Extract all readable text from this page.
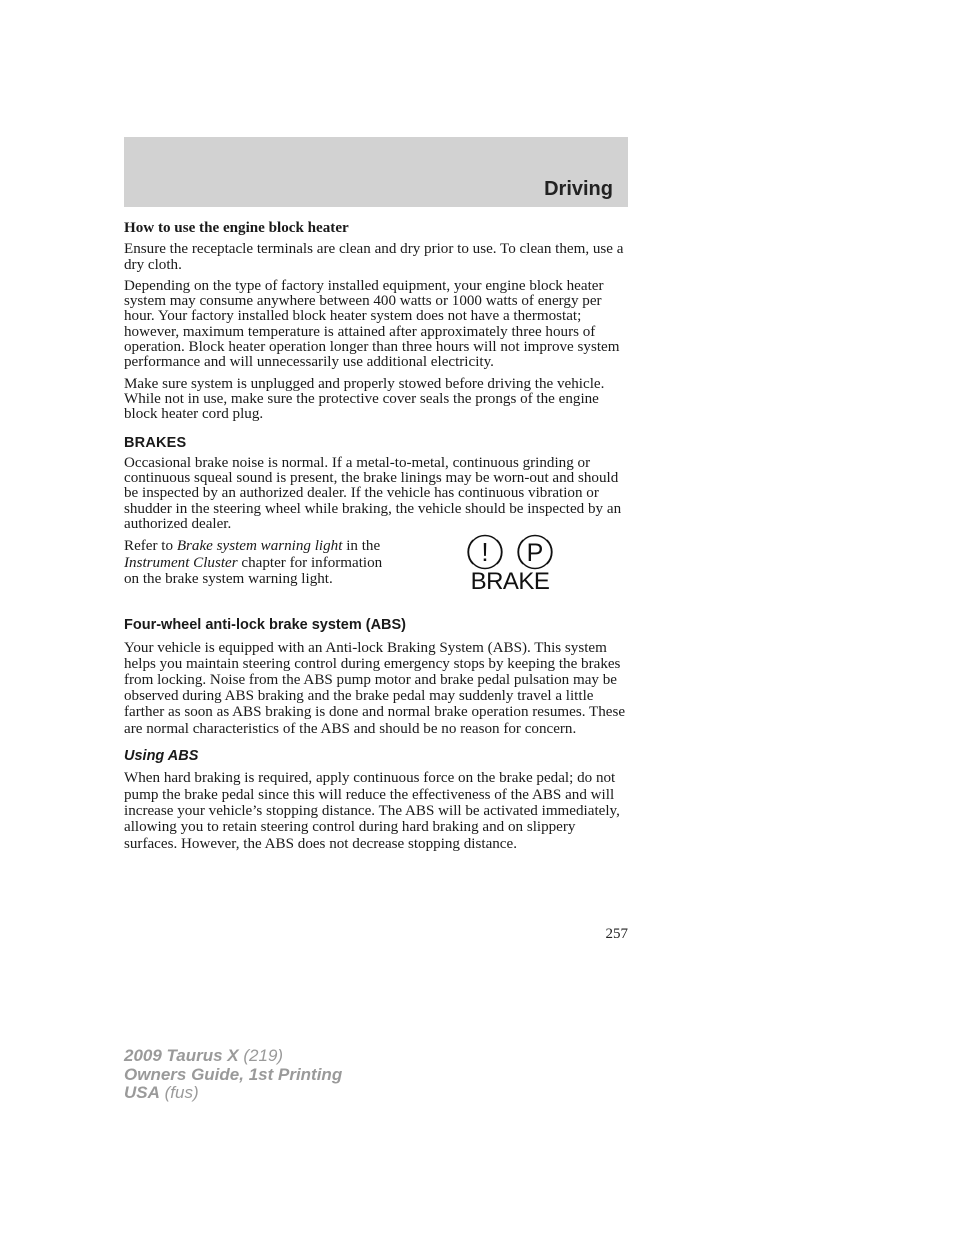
Driving

How to use the engine block heater

Ensure the receptacle terminals are clean and dry prior to use. To clean them, use a dry cloth.

Depending on the type of factory installed equipment, your engine block heater system may consume anywhere between 400 watts or 1000 watts of energy per hour. Your factory installed block heater system does not have a thermostat; however, maximum temperature is attained after approximately three hours of operation. Block heater operation longer than three hours will not improve system performance and will unnecessarily use additional electricity.

Make sure system is unplugged and properly stowed before driving the vehicle. While not in use, make sure the protective cover seals the prongs of the engine block heater cord plug.

BRAKES

Occasional brake noise is normal. If a metal-to-metal, continuous grinding or continuous squeal sound is present, the brake linings may be worn-out and should be inspected by an authorized dealer. If the vehicle has continuous vibration or shudder in the steering wheel while braking, the vehicle should be inspected by an authorized dealer.

Refer to Brake system warning light in the Instrument Cluster chapter for information on the brake system warning light.
! P
BRAKE
Four-wheel anti-lock brake system (ABS)

Your vehicle is equipped with an Anti-lock Braking System (ABS). This system helps you maintain steering control during emergency stops by keeping the brakes from locking. Noise from the ABS pump motor and brake pedal pulsation may be observed during ABS braking and the brake pedal may suddenly travel a little farther as soon as ABS braking is done and normal brake operation resumes. These are normal characteristics of the ABS and should be no reason for concern.

Using ABS

When hard braking is required, apply continuous force on the brake pedal; do not pump the brake pedal since this will reduce the effectiveness of the ABS and will increase your vehicle’s stopping distance. The ABS will be activated immediately, allowing you to retain steering control during hard braking and on slippery surfaces. However, the ABS does not decrease stopping distance.

257
2009 Taurus X (219)
Owners Guide, 1st Printing
USA (fus)
